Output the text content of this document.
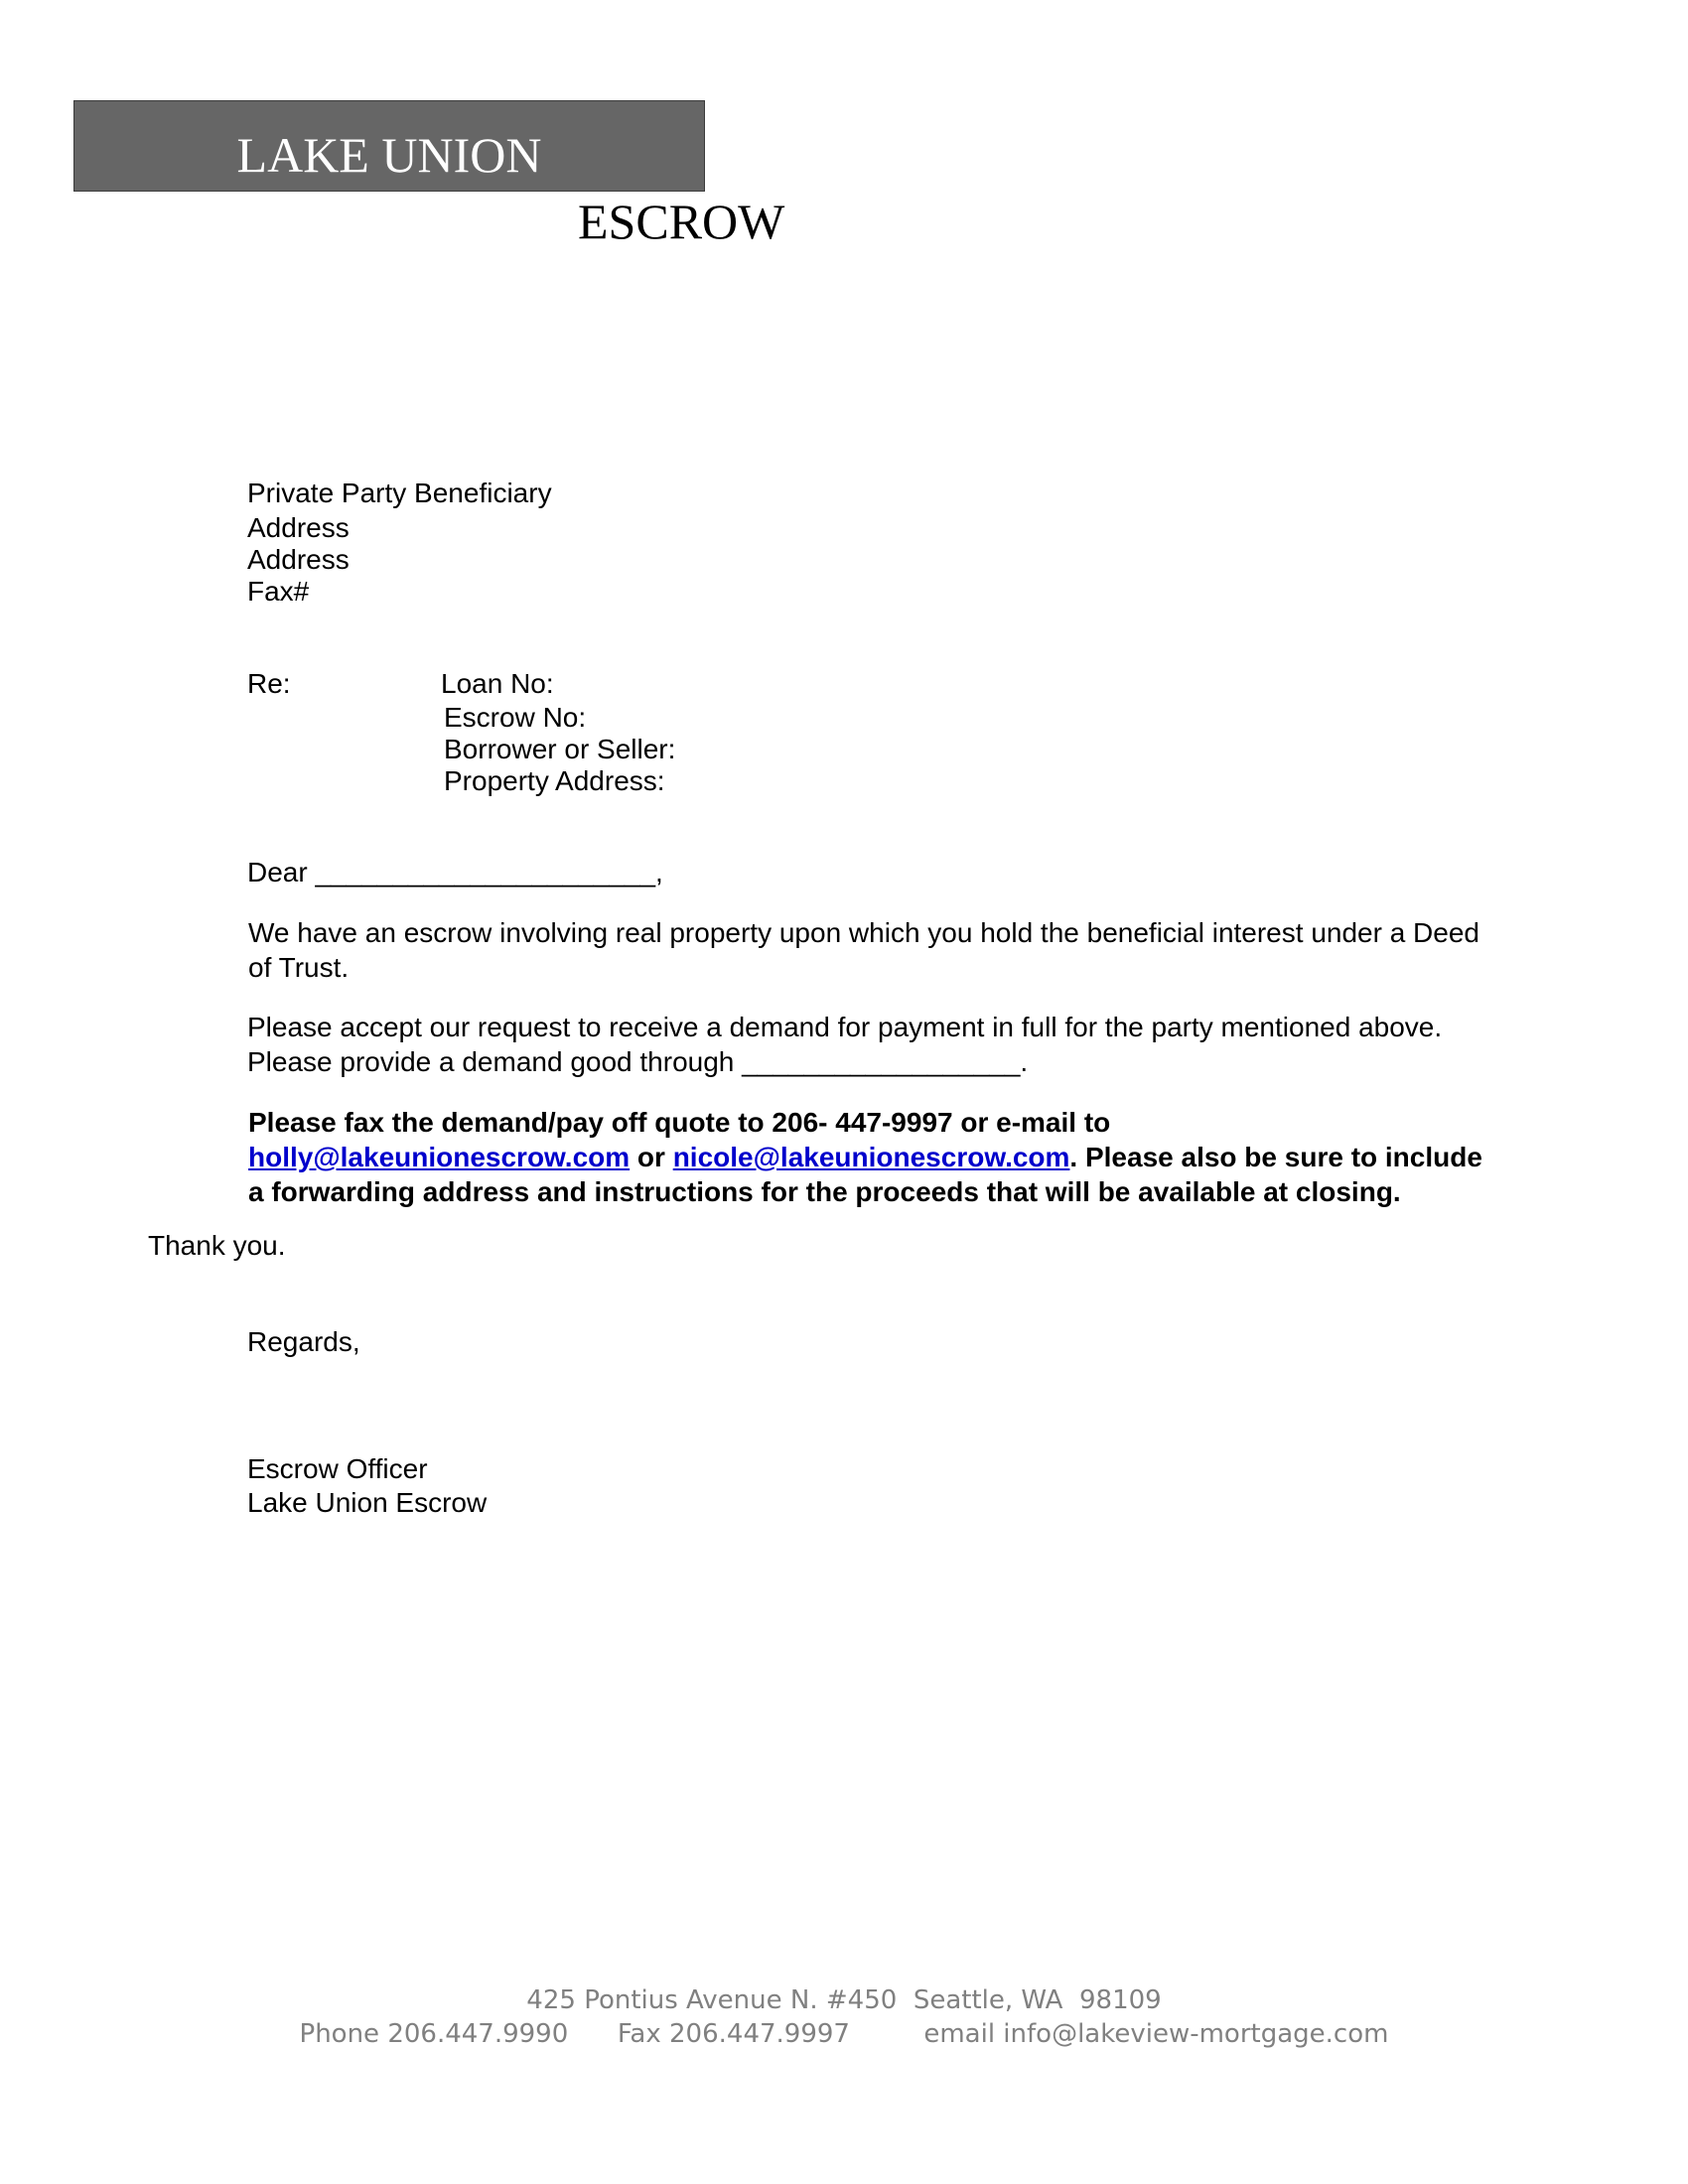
LAKE UNION
ESCROW
Private Party Beneficiary
Address
Address
Fax#
Re:	Loan No:
Escrow No:
Borrower or Seller:
Property Address:
Dear ______________________,
We have an escrow involving real property upon which you hold the beneficial interest under a Deed of Trust.
Please accept our request to receive a demand for payment in full for the party mentioned above.
Please provide a demand good through __________________.
Please fax the demand/pay off quote to 206- 447-9997 or e-mail to holly@lakeunionescrow.com or nicole@lakeunionescrow.com. Please also be sure to include a forwarding address and instructions for the proceeds that will be available at closing.
Thank you.
Regards,
Escrow Officer
Lake Union Escrow
425 Pontius Avenue N. #450  Seattle, WA  98109
Phone 206.447.9990      Fax 206.447.9997         email info@lakeview-mortgage.com
